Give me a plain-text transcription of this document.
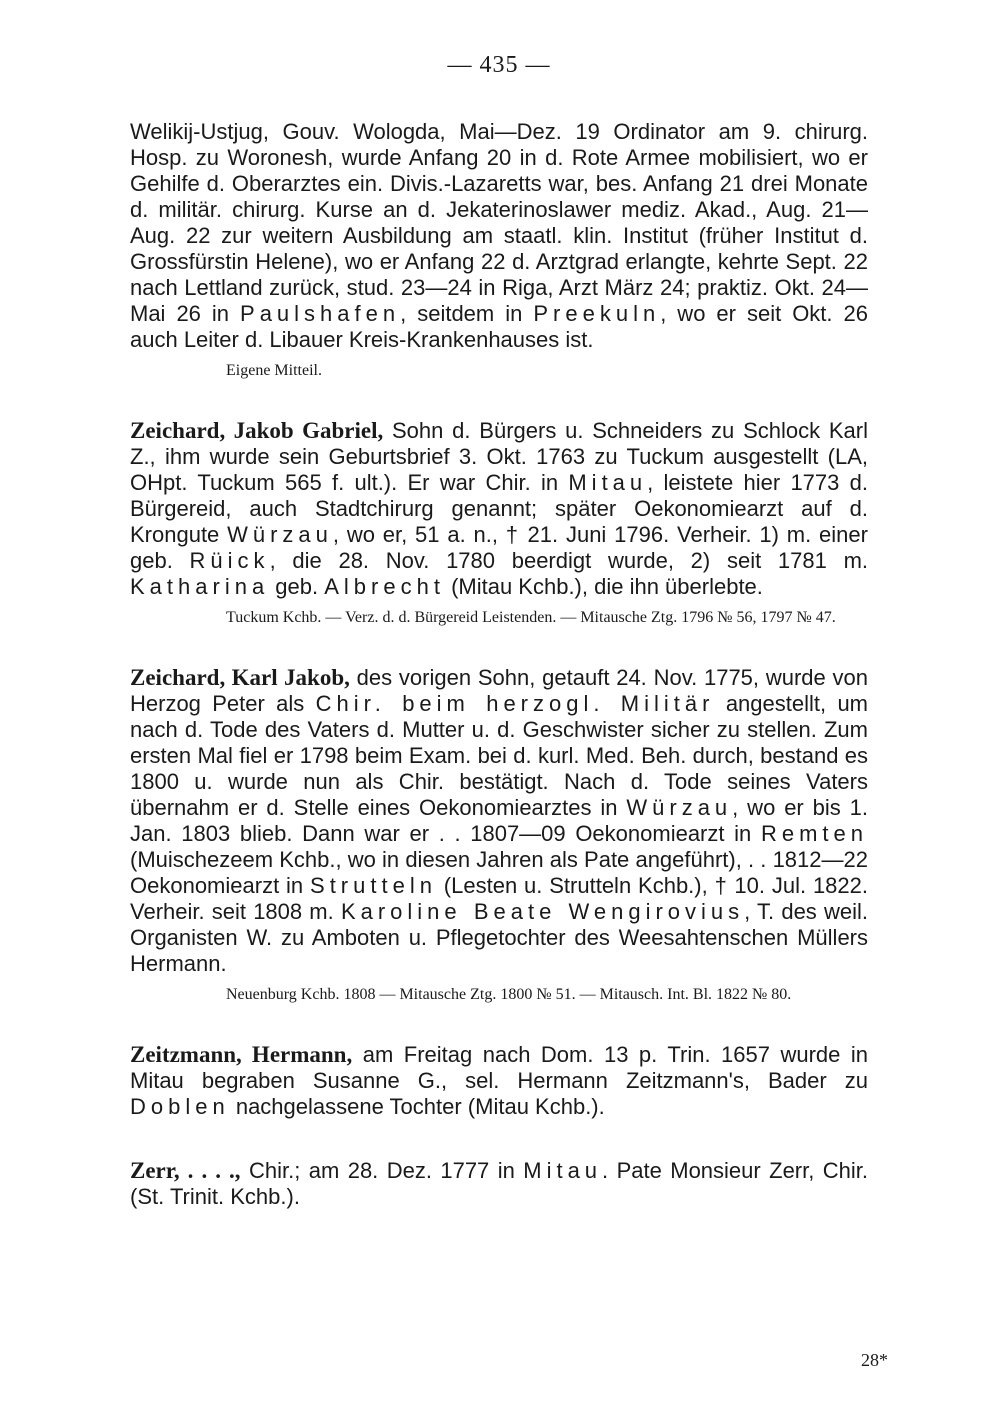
— 435 —

Welikij-Ustjug, Gouv. Wologda, Mai—Dez. 19 Ordinator am 9. chirurg. Hosp. zu Woronesh, wurde Anfang 20 in d. Rote Armee mobilisiert, wo er Gehilfe d. Oberarztes ein. Divis.-Lazaretts war, bes. Anfang 21 drei Monate d. militär. chirurg. Kurse an d. Jekaterinoslawer mediz. Akad., Aug. 21—Aug. 22 zur weitern Ausbildung am staatl. klin. Institut (früher Institut d. Grossfürstin Helene), wo er Anfang 22 d. Arztgrad erlangte, kehrte Sept. 22 nach Lettland zurück, stud. 23—24 in Riga, Arzt März 24; praktiz. Okt. 24—Mai 26 in Paulshafen, seitdem in Preekuln, wo er seit Okt. 26 auch Leiter d. Libauer Kreis-Krankenhauses ist.

Eigene Mitteil.

Zeichard, Jakob Gabriel, Sohn d. Bürgers u. Schneiders zu Schlock Karl Z., ihm wurde sein Geburtsbrief 3. Okt. 1763 zu Tuckum ausgestellt (LA, OHpt. Tuckum 565 f. ult.). Er war Chir. in Mitau, leistete hier 1773 d. Bürgereid, auch Stadtchirurg genannt; später Oekonomiearzt auf d. Krongute Würzau, wo er, 51 a. n., † 21. Juni 1796. Verheir. 1) m. einer geb. Rüick, die 28. Nov. 1780 beerdigt wurde, 2) seit 1781 m. Katharina geb. Albrecht (Mitau Kchb.), die ihn überlebte.

Tuckum Kchb. — Verz. d. d. Bürgereid Leistenden. — Mitausche Ztg. 1796 № 56, 1797 № 47.

Zeichard, Karl Jakob, des vorigen Sohn, getauft 24. Nov. 1775, wurde von Herzog Peter als Chir. beim herzogl. Militär angestellt, um nach d. Tode des Vaters d. Mutter u. d. Geschwister sicher zu stellen. Zum ersten Mal fiel er 1798 beim Exam. bei d. kurl. Med. Beh. durch, bestand es 1800 u. wurde nun als Chir. bestätigt. Nach d. Tode seines Vaters übernahm er d. Stelle eines Oekonomiearztes in Würzau, wo er bis 1. Jan. 1803 blieb. Dann war er . . 1807—09 Oekonomiearzt in Remten (Muischezeem Kchb., wo in diesen Jahren als Pate angeführt), . . 1812—22 Oekonomiearzt in Strutteln (Lesten u. Strutteln Kchb.), † 10. Jul. 1822. Verheir. seit 1808 m. Karoline Beate Wengirovius, T. des weil. Organisten W. zu Amboten u. Pflegetochter des Weesahtenschen Müllers Hermann.

Neuenburg Kchb. 1808 — Mitausche Ztg. 1800 № 51. — Mitausch. Int. Bl. 1822 № 80.

Zeitzmann, Hermann, am Freitag nach Dom. 13 p. Trin. 1657 wurde in Mitau begraben Susanne G., sel. Hermann Zeitzmann's, Bader zu Doblen nachgelassene Tochter (Mitau Kchb.).

Zerr, . . . ., Chir.; am 28. Dez. 1777 in Mitau. Pate Monsieur Zerr, Chir. (St. Trinit. Kchb.).

28*
